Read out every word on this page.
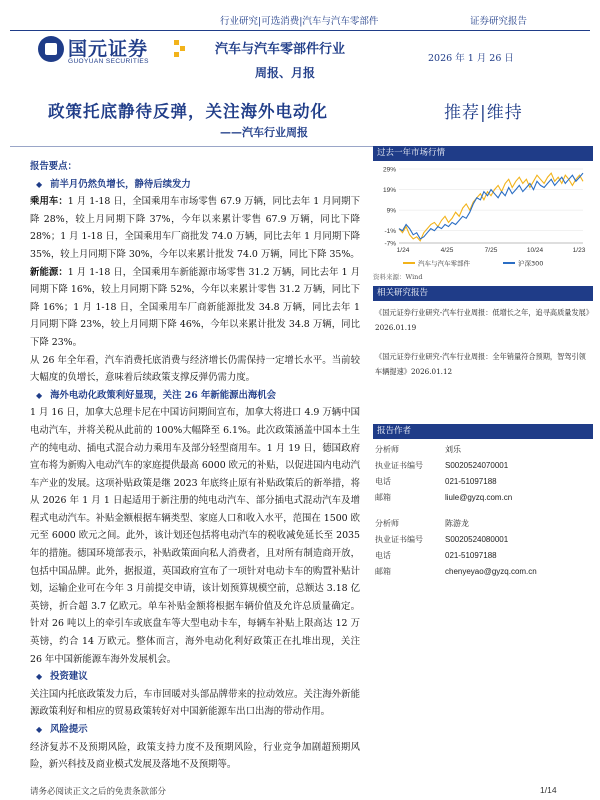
行业研究|可选消费|汽车与汽车零部件	证券研究报告
国元证券
GUOYUAN SECURITIES
汽车与汽车零部件行业
周报、月报
2026 年 1 月 26 日
政策托底静待反弹，关注海外电动化
——汽车行业周报
推荐|维持

报告要点：

◆ 前半月仍然负增长，静待后续发力

乘用车：1 月 1-18 日，全国乘用车市场零售 67.9 万辆，同比去年 1 月同期下降 28%，较上月同期下降 37%，今年以来累计零售 67.9 万辆，同比下降 28%；1 月 1-18 日，全国乘用车厂商批发 74.0 万辆，同比去年 1 月同期下降 35%，较上月同期下降 30%，今年以来累计批发 74.0 万辆，同比下降 35%。

新能源：1 月 1-18 日，全国乘用车新能源市场零售 31.2 万辆，同比去年 1 月同期下降 16%，较上月同期下降 52%，今年以来累计零售 31.2 万辆，同比下降 16%；1 月 1-18 日，全国乘用车厂商新能源批发 34.8 万辆，同比去年 1 月同期下降 23%，较上月同期下降 46%，今年以来累计批发 34.8 万辆，同比下降 23%。

从 26 年全年看，汽车消费托底消费与经济增长仍需保持一定增长水平。当前较大幅度的负增长，意味着后续政策支撑反弹仍需力度。

◆ 海外电动化政策利好显现，关注 26 年新能源出海机会

1 月 16 日，加拿大总理卡尼在中国访问期间宣布，加拿大将进口 4.9 万辆中国电动汽车，并将关税从此前的 100%大幅降至 6.1%。此次政策涵盖中国本土生产的纯电动、插电式混合动力乘用车及部分轻型商用车。1 月 19 日，德国政府宣布将为新购入电动汽车的家庭提供最高 6000 欧元的补贴，以促进国内电动汽车产业的发展。这项补贴政策是继 2023 年底终止原有补贴政策后的新举措，将从 2026 年 1 月 1 日起适用于新注册的纯电动汽车、部分插电式混动汽车及增程式电动汽车。补贴金额根据车辆类型、家庭人口和收入水平，范围在 1500 欧元至 6000 欧元之间。此外，该计划还包括将电动汽车的税收减免延长至 2035 年的措施。德国环境部表示，补贴政策面向私人消费者，且对所有制造商开放，包括中国品牌。此外，据报道，英国政府宣布了一项针对电动卡车的购置补贴计划，运输企业可在今年 3 月前提交申请，该计划预算规模空前，总额达 3.18 亿英镑，折合超 3.7 亿欧元。单车补贴金额将根据车辆价值及允许总质量确定。针对 26 吨以上的牵引车或底盘车等大型电动卡车，每辆车补贴上限高达 12 万英镑，约合 14 万欧元。整体而言，海外电动化利好政策正在扎堆出现，关注 26 年中国新能源车海外发展机会。

◆ 投资建议

关注国内托底政策发力后，车市回暖对头部品牌带来的拉动效应。关注海外新能源政策利好和相应的贸易政策转好对中国新能源车出口出海的带动作用。

◆ 风险提示

经济复苏不及预期风险，政策支持力度不及预期风险，行业竞争加剧超预期风险，新兴科技及商业模式发展及落地不及预期等。

过去一年市场行情
29%
19%
9%
-1%
-7%
1/24	4/25	7/25	10/24	1/23
汽车与汽车零部件	沪深300
资料来源：Wind
相关研究报告

《国元证券行业研究-汽车行业周报：低增长之年，追寻高质量发展》2026.01.19

《国元证券行业研究-汽车行业周报：全年销量符合预期，智驾引领车辆提速》2026.01.12

报告作者
分析师	刘乐
执业证书编号	S0020524070001
电话	021-51097188
邮箱	liule@gyzq.com.cn
分析师	陈游龙
执业证书编号	S0020524080001
电话	021-51097188
邮箱	chenyeyao@gyzq.com.cn
请务必阅读正文之后的免责条款部分	1/14
